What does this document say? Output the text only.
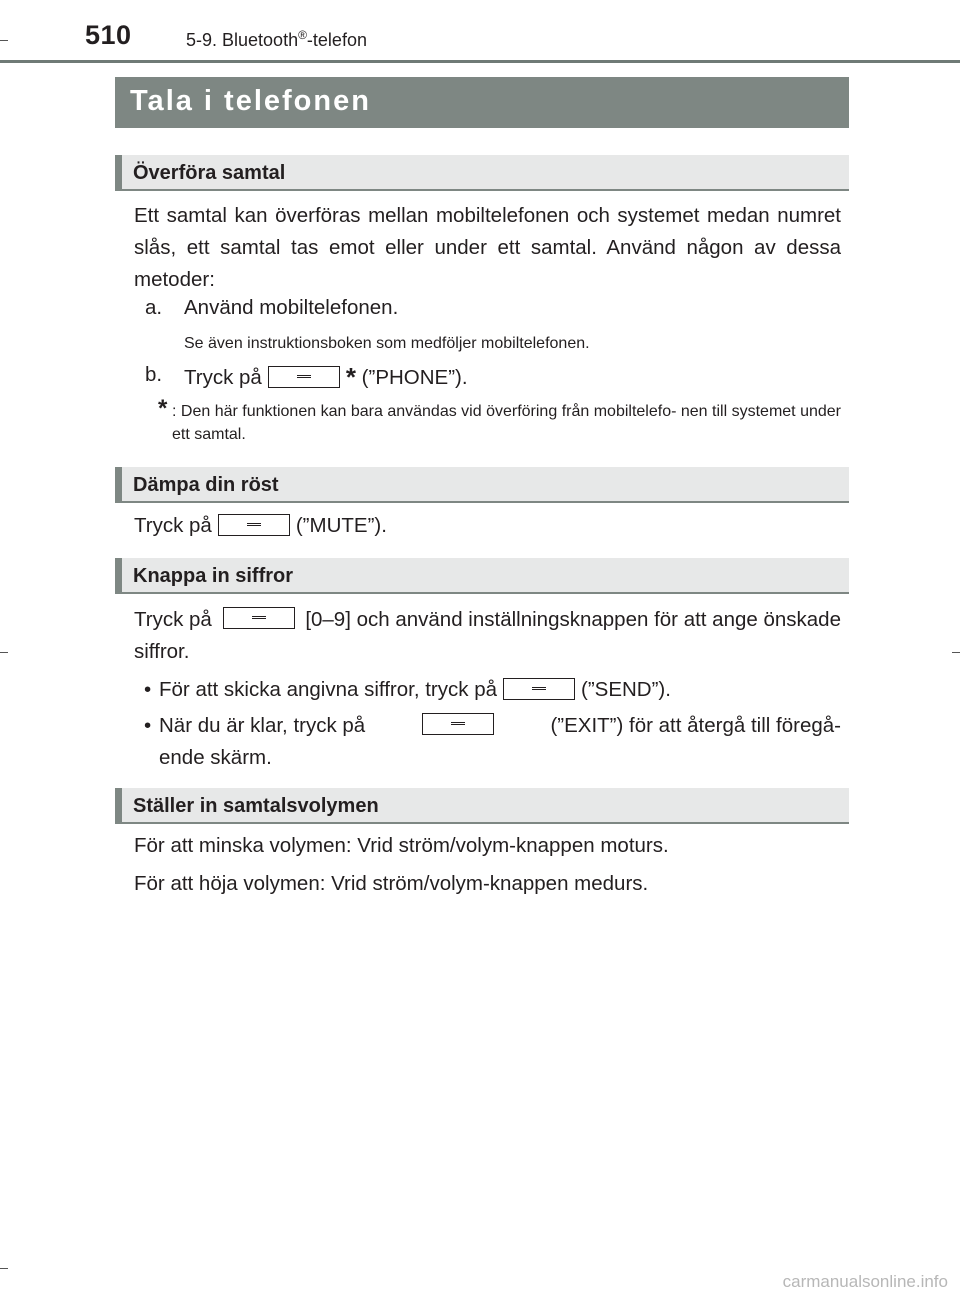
510	5-9. Bluetooth®-telefon
Tala i telefonen
Överföra samtal
Ett samtal kan överföras mellan mobiltelefonen och systemet medan numret slås, ett samtal tas emot eller under ett samtal. Använd någon av dessa metoder:
a. Använd mobiltelefonen.
Se även instruktionsboken som medföljer mobiltelefonen.
b. Tryck på	* (”PHONE”).
* : Den här funktionen kan bara användas vid överföring från mobiltelefo- nen till systemet under ett samtal.
Dämpa din röst
Tryck på	(”MUTE”).
Knappa in siffror
Tryck på	[0–9] och använd inställningsknappen för att ange önskade
siffror.
• För att skicka angivna siffror, tryck på	(”SEND”).
• När du är klar, tryck på	(”EXIT”) för att återgå till föregå-
ende skärm.
Ställer in samtalsvolymen
För att minska volymen: Vrid ström/volym-knappen moturs.
För att höja volymen: Vrid ström/volym-knappen medurs.
carmanualsonline.info
